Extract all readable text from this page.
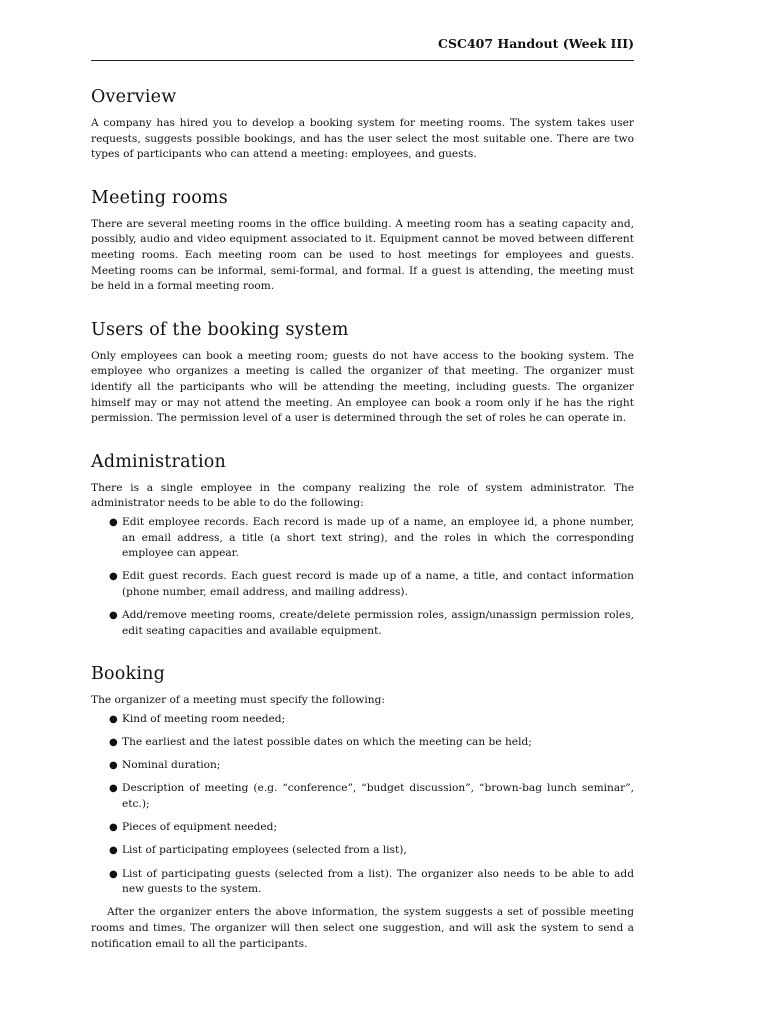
CSC407 Handout (Week III)
Overview

A company has hired you to develop a booking system for meeting rooms. The system takes user requests, suggests possible bookings, and has the user select the most suitable one. There are two types of participants who can attend a meeting: employees, and guests.

Meeting rooms

There are several meeting rooms in the office building. A meeting room has a seating capacity and, possibly, audio and video equipment associated to it. Equipment cannot be moved between different meeting rooms. Each meeting room can be used to host meetings for employees and guests. Meeting rooms can be informal, semi-formal, and formal. If a guest is attending, the meeting must be held in a formal meeting room.

Users of the booking system

Only employees can book a meeting room; guests do not have access to the booking system. The employee who organizes a meeting is called the organizer of that meeting. The organizer must identify all the participants who will be attending the meeting, including guests. The organizer himself may or may not attend the meeting. An employee can book a room only if he has the right permission. The permission level of a user is determined through the set of roles he can operate in.

Administration

There is a single employee in the company realizing the role of system administrator. The administrator needs to be able to do the following:

● Edit employee records. Each record is made up of a name, an employee id, a phone number, an email address, a title (a short text string), and the roles in which the corresponding employee can appear.
● Edit guest records. Each guest record is made up of a name, a title, and contact information (phone number, email address, and mailing address).
● Add/remove meeting rooms, create/delete permission roles, assign/unassign permission roles, edit seating capacities and available equipment.
Booking

The organizer of a meeting must specify the following:

● Kind of meeting room needed;
● The earliest and the latest possible dates on which the meeting can be held;
● Nominal duration;
● Description of meeting (e.g. “conference”, “budget discussion”, “brown-bag lunch seminar”, etc.);
● Pieces of equipment needed;
● List of participating employees (selected from a list),
● List of participating guests (selected from a list). The organizer also needs to be able to add new guests to the system.

After the organizer enters the above information, the system suggests a set of possible meeting rooms and times. The organizer will then select one suggestion, and will ask the system to send a notification email to all the participants.
